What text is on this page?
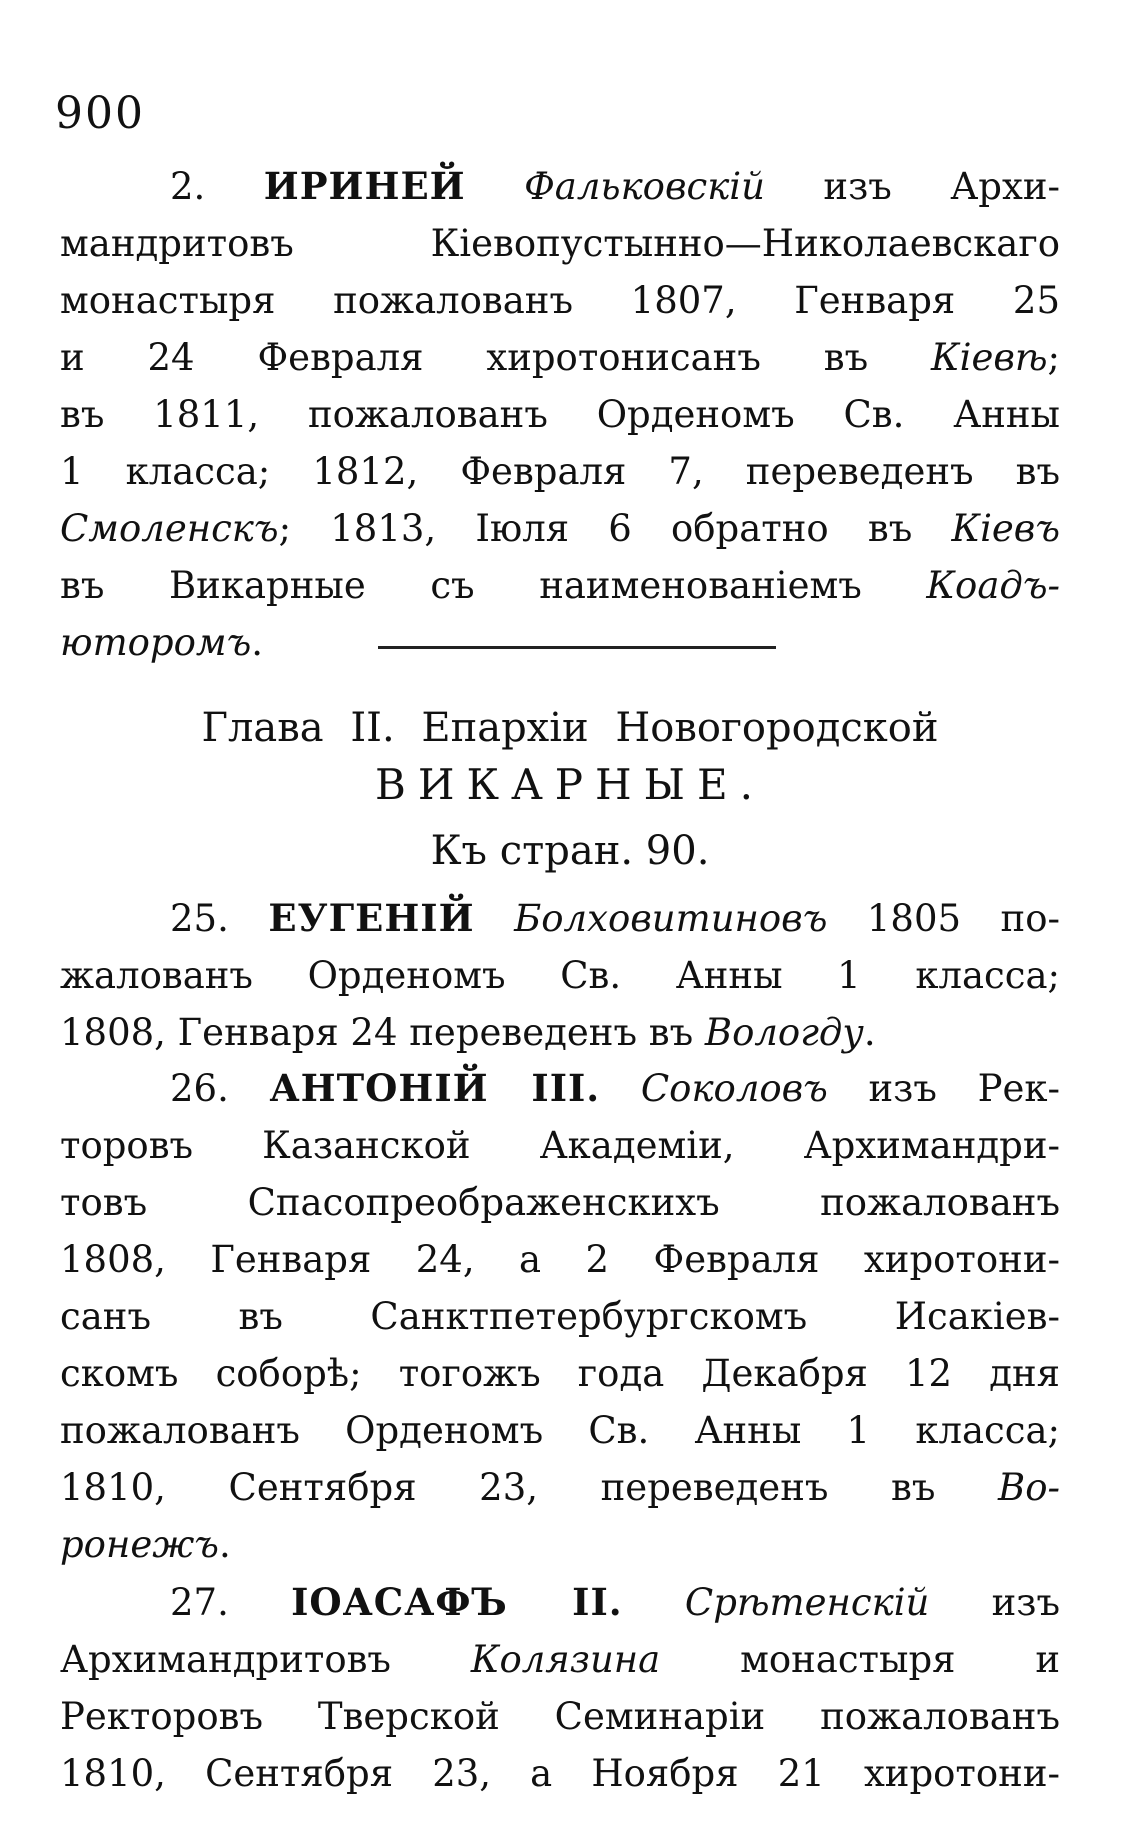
900
2. ИРИНЕЙ Фальковскiй изъ Архи-
мандритовъ Кiевопустынно—Николаевскаго
монастыря пожалованъ 1807, Генваря 25
и 24 Февраля хиротонисанъ въ Кiевѣ;
въ 1811, пожалованъ Орденомъ Св. Анны
1 класса; 1812, Февраля 7, переведенъ въ
Смоленскъ; 1813, Iюля 6 обратно въ Кiевъ
въ Викарные съ наименованiемъ Коадъ-
юторомъ.
Глава II. Епархiи Новогородской
ВИКАРНЫЕ.
Къ стран. 90.
25. ЕУГЕНIЙ Болховитиновъ 1805 по-
жалованъ Орденомъ Св. Анны 1 класса;
1808, Генваря 24 переведенъ въ Вологду.
26. АНТОНIЙ III. Соколовъ изъ Рек-
торовъ Казанской Академiи, Архимандри-
товъ Спасопреображенскихъ пожалованъ
1808, Генваря 24, а 2 Февраля хиротони-
санъ въ Санктпетербургскомъ Исакiев-
скомъ соборѣ; тогожъ года Декабря 12 дня
пожалованъ Орденомъ Св. Анны 1 класса;
1810, Сентября 23, переведенъ въ Во-
ронежъ.
27. IОАСАФЪ II. Срѣтенскiй изъ
Архимандритовъ Колязина монастыря и
Ректоровъ Тверской Семинарiи пожалованъ
1810, Сентября 23, а Ноября 21 хиротони-
